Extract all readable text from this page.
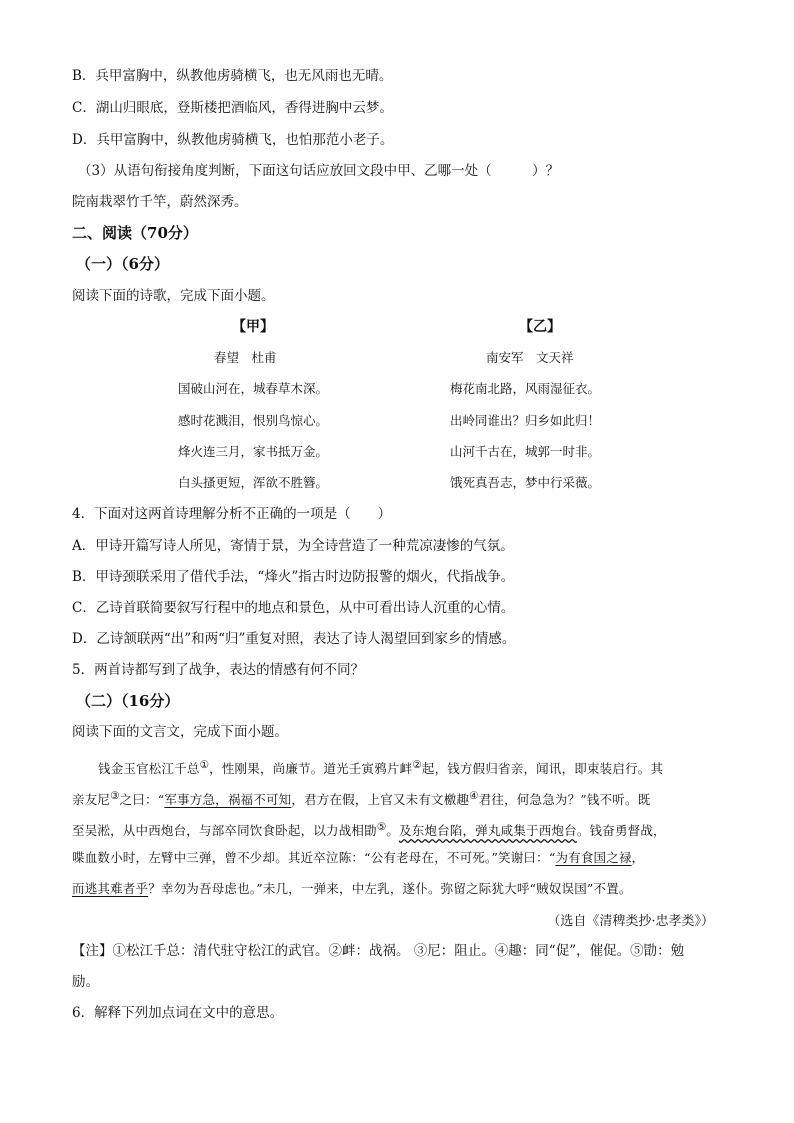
B．兵甲富胸中，纵教他虏骑横飞，也无风雨也无晴。
C．湖山归眼底，登斯楼把酒临风，香得进胸中云梦。
D．兵甲富胸中，纵教他虏骑横飞，也怕那范小老子。
（3）从语句衔接角度判断，下面这句话应放回文段中甲、乙哪一处（　　　）？
院南栽翠竹千竿，蔚然深秀。
二、阅读（70分）
（一）（6分）
阅读下面的诗歌，完成下面小题。
【甲】
春望　杜甫
国破山河在，城春草木深。
感时花溅泪，恨别鸟惊心。
烽火连三月，家书抵万金。
白头搔更短，浑欲不胜簪。
【乙】
南安军　文天祥
梅花南北路，风雨湿征衣。
出岭同谁出？归乡如此归！
山河千古在，城郭一时非。
饿死真吾志，梦中行采薇。
4．下面对这两首诗理解分析不正确的一项是（　　）
A．甲诗开篇写诗人所见，寄情于景，为全诗营造了一种荒凉凄惨的气氛。
B．甲诗颈联采用了借代手法，“烽火”指古时边防报警的烟火，代指战争。
C．乙诗首联简要叙写行程中的地点和景色，从中可看出诗人沉重的心情。
D．乙诗颔联两“出”和两“归”重复对照，表达了诗人渴望回到家乡的情感。
5．两首诗都写到了战争，表达的情感有何不同？
（二）（16分）
阅读下面的文言文，完成下面小题。
钱金玉官松江千总①，性刚果，尚廉节。道光壬寅鸦片衅②起，钱方假归省亲，闻讯，即束装启行。其
亲友尼③之曰：“军事方急，祸福不可知，君方在假，上官又未有文檄趣④君往，何急急为？”钱不听。既
至吴淞，从中西炮台，与部卒同饮食卧起，以力战相勖⑤。及东炮台陷，弹丸咸集于西炮台。钱奋勇督战，
喋血数小时，左臂中三弹，曾不少却。其近卒泣陈：“公有老母在，不可死。”笑谢曰：“为有食国之禄，
而逃其难者乎？幸勿为吾母虑也。”未几，一弹来，中左乳，遂仆。弥留之际犹大呼“贼奴误国”不置。
（选自《清稗类抄·忠孝类》）
【注】①松江千总：清代驻守松江的武官。②衅：战祸。 ③尼：阻止。④趣：同“促”，催促。⑤勖：勉
励。
6．解释下列加点词在文中的意思。
